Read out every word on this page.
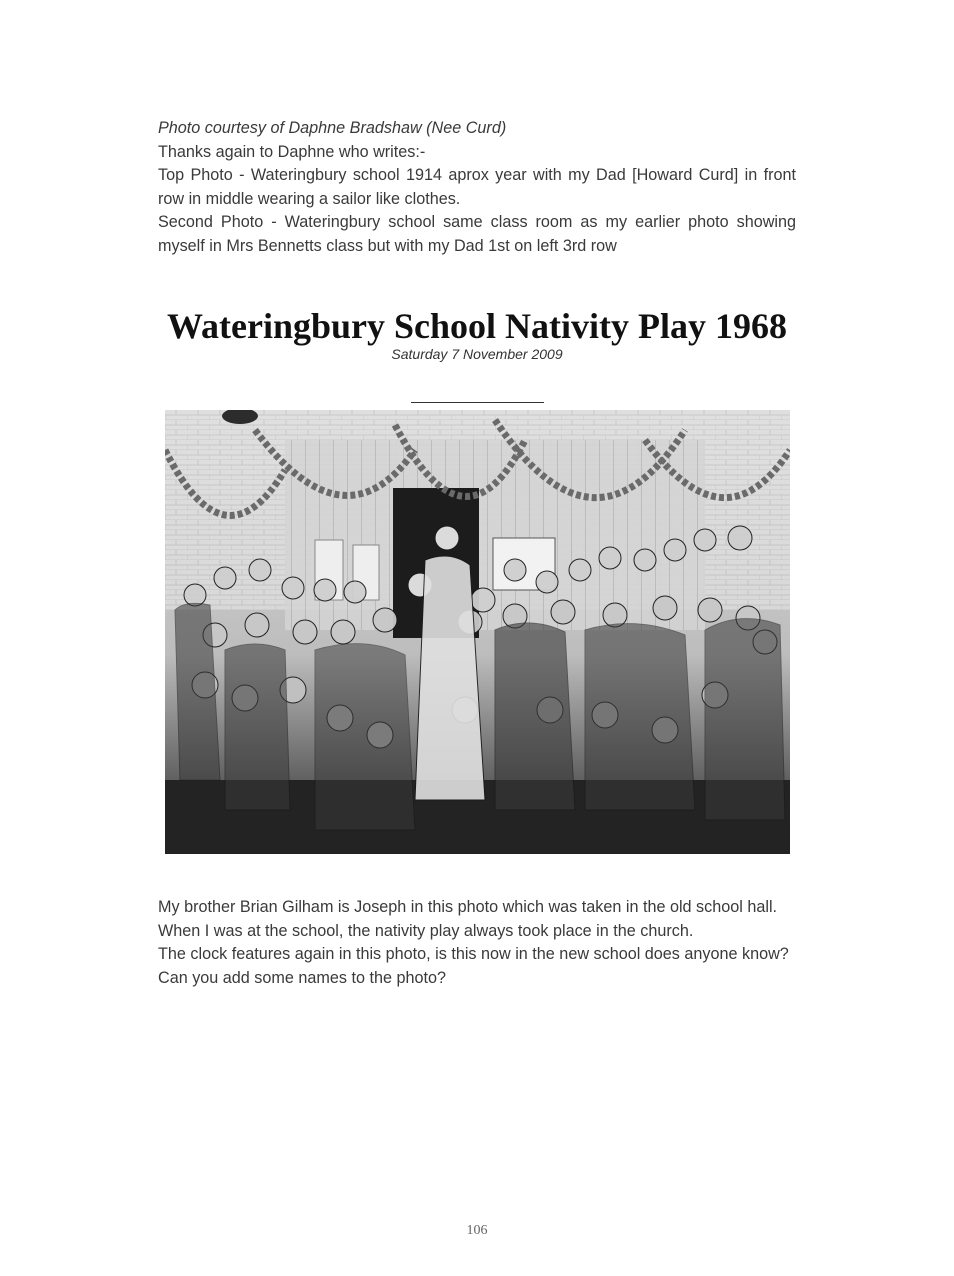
Photo courtesy of Daphne Bradshaw (Nee Curd)

Thanks again to Daphne who writes:-

Top Photo - Wateringbury school 1914 aprox year with my Dad [Howard Curd] in front row in middle wearing a sailor like clothes.

Second Photo - Wateringbury school same class room as my earlier photo showing myself in Mrs Bennetts class but with my Dad 1st on left 3rd row

Wateringbury School Nativity Play 1968

Saturday 7 November 2009

My brother Brian Gilham is Joseph in this photo which was taken in the old school hall.

When I was at the school, the nativity play always took place in the church.

The clock features again in this photo, is this now in the new school does anyone know?

Can you add some names to the photo?

106
